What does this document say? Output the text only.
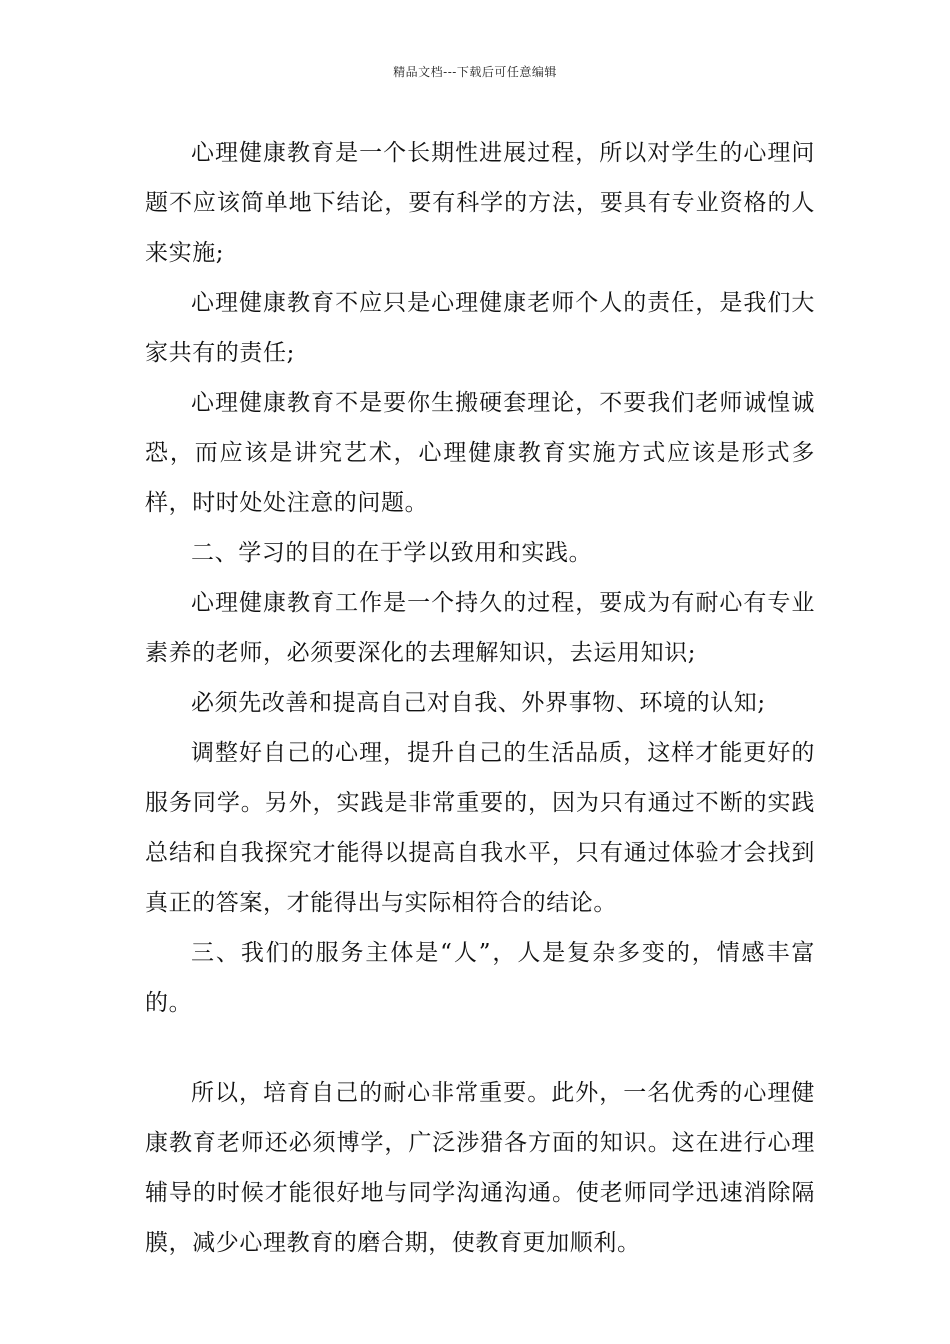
精品文档---下载后可任意编辑

心理健康教育是一个长期性进展过程，所以对学生的心理问题不应该简单地下结论，要有科学的方法，要具有专业资格的人来实施;

心理健康教育不应只是心理健康老师个人的责任，是我们大家共有的责任;

心理健康教育不是要你生搬硬套理论，不要我们老师诚惶诚恐，而应该是讲究艺术，心理健康教育实施方式应该是形式多样，时时处处注意的问题。

二、学习的目的在于学以致用和实践。

心理健康教育工作是一个持久的过程，要成为有耐心有专业素养的老师，必须要深化的去理解知识，去运用知识;

必须先改善和提高自己对自我、外界事物、环境的认知;

调整好自己的心理，提升自己的生活品质，这样才能更好的服务同学。另外，实践是非常重要的，因为只有通过不断的实践总结和自我探究才能得以提高自我水平，只有通过体验才会找到真正的答案，才能得出与实际相符合的结论。

三、我们的服务主体是“人”，人是复杂多变的，情感丰富的。

所以，培育自己的耐心非常重要。此外，一名优秀的心理健康教育老师还必须博学，广泛涉猎各方面的知识。这在进行心理辅导的时候才能很好地与同学沟通沟通。使老师同学迅速消除隔膜，减少心理教育的磨合期，使教育更加顺利。
